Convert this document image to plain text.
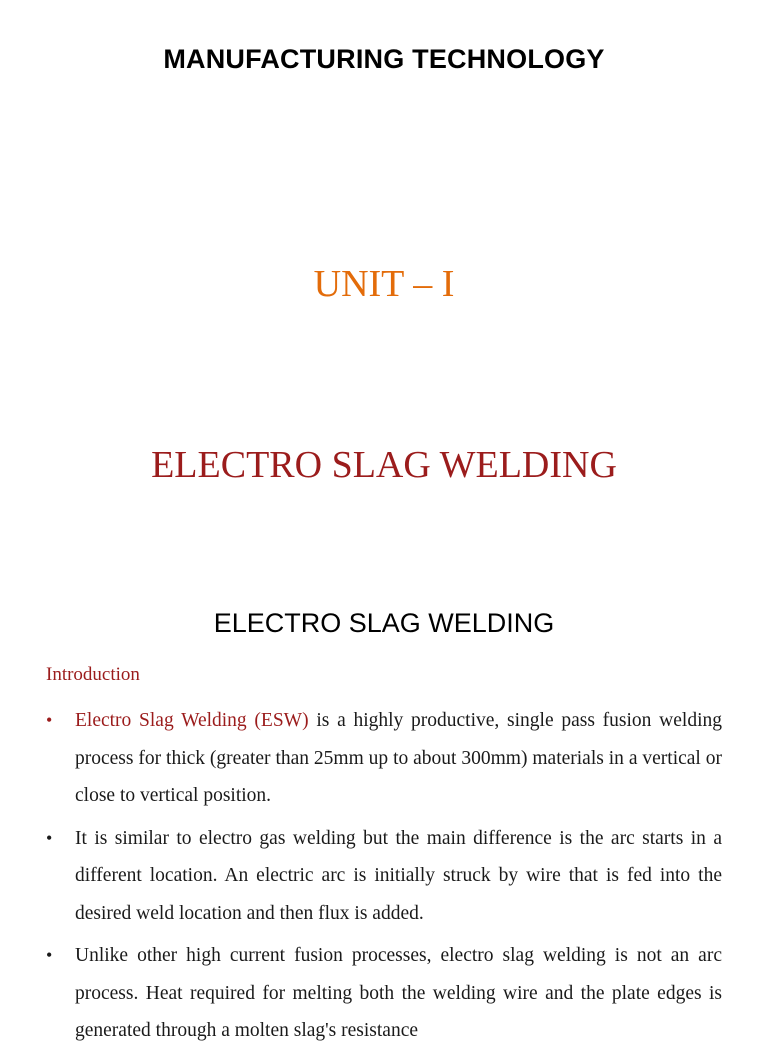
MANUFACTURING TECHNOLOGY
UNIT – I
ELECTRO SLAG WELDING
ELECTRO SLAG WELDING
Introduction
• Electro Slag Welding (ESW) is a highly productive, single pass fusion welding process for thick (greater than 25mm up to about 300mm) materials in a vertical or close to vertical position.
• It is similar to electro gas welding but the main difference is the arc starts in a different location. An electric arc is initially struck by wire that is fed into the desired weld location and then flux is added.
• Unlike other high current fusion processes, electro slag welding is not an arc process. Heat required for melting both the welding wire and the plate edges is generated through a molten slag's resistance
